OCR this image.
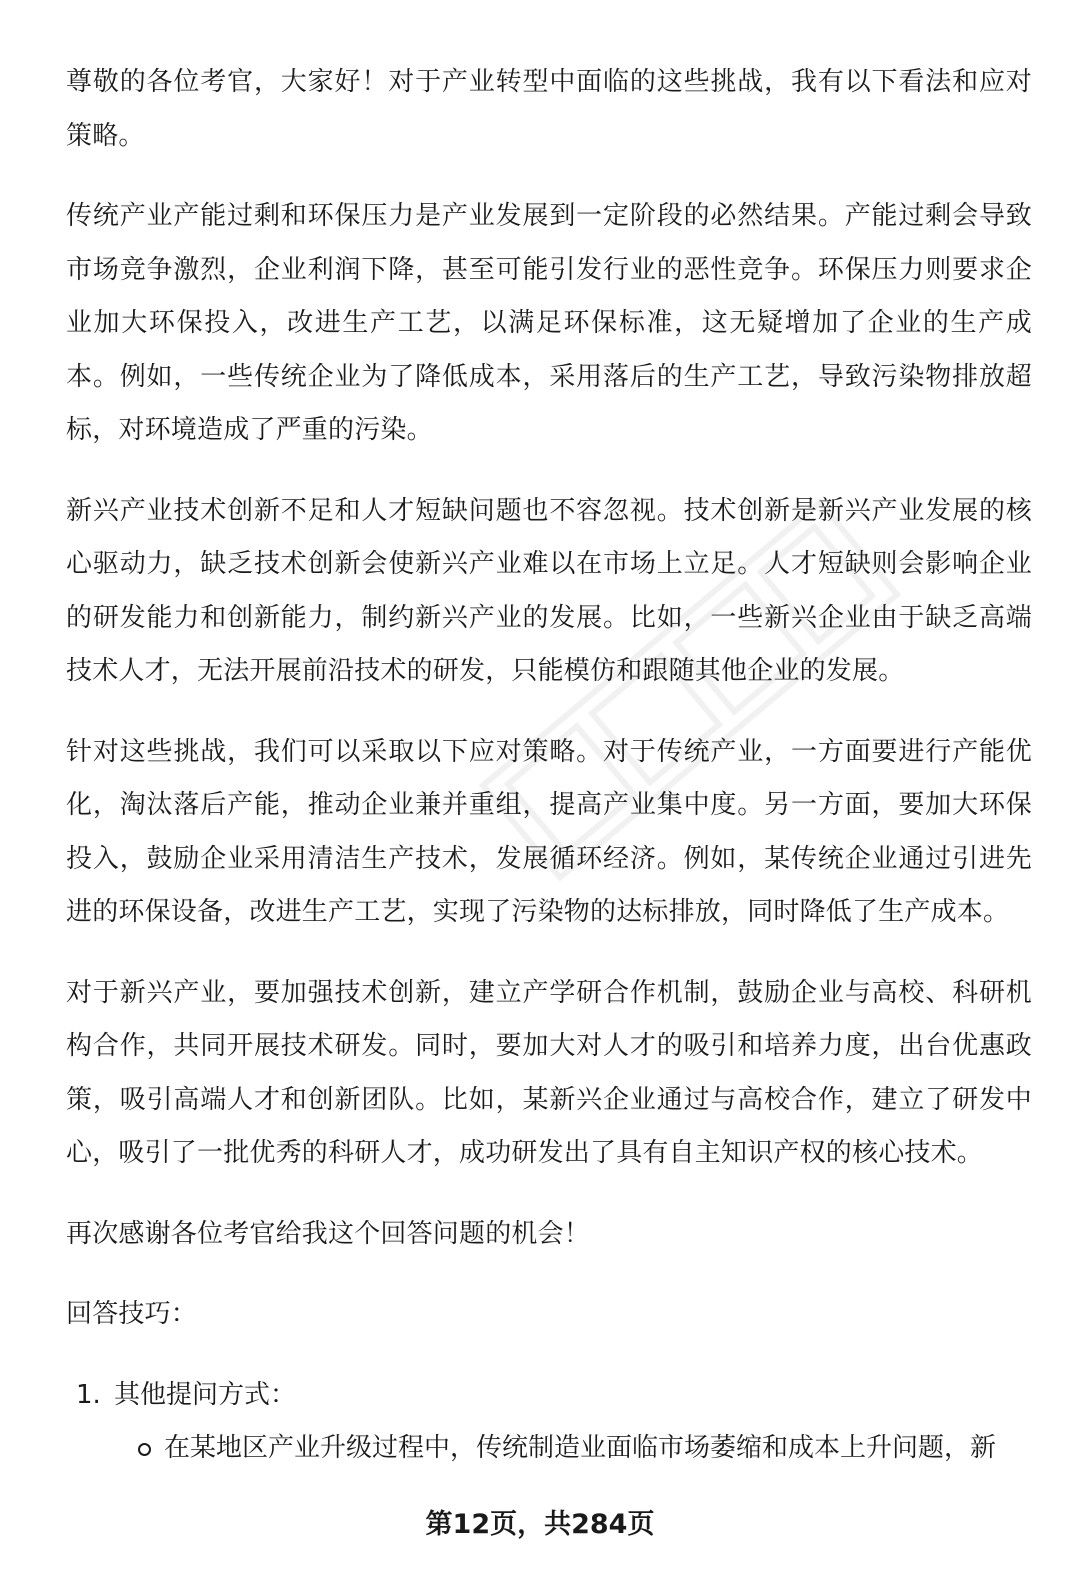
尊敬的各位考官，大家好！对于产业转型中面临的这些挑战，我有以下看法和应对策略。

传统产业产能过剩和环保压力是产业发展到一定阶段的必然结果。产能过剩会导致市场竞争激烈，企业利润下降，甚至可能引发行业的恶性竞争。环保压力则要求企业加大环保投入，改进生产工艺，以满足环保标准，这无疑增加了企业的生产成本。例如，一些传统企业为了降低成本，采用落后的生产工艺，导致污染物排放超标，对环境造成了严重的污染。

新兴产业技术创新不足和人才短缺问题也不容忽视。技术创新是新兴产业发展的核心驱动力，缺乏技术创新会使新兴产业难以在市场上立足。人才短缺则会影响企业的研发能力和创新能力，制约新兴产业的发展。比如，一些新兴企业由于缺乏高端技术人才，无法开展前沿技术的研发，只能模仿和跟随其他企业的发展。

针对这些挑战，我们可以采取以下应对策略。对于传统产业，一方面要进行产能优化，淘汰落后产能，推动企业兼并重组，提高产业集中度。另一方面，要加大环保投入，鼓励企业采用清洁生产技术，发展循环经济。例如，某传统企业通过引进先进的环保设备，改进生产工艺，实现了污染物的达标排放，同时降低了生产成本。

对于新兴产业，要加强技术创新，建立产学研合作机制，鼓励企业与高校、科研机构合作，共同开展技术研发。同时，要加大对人才的吸引和培养力度，出台优惠政策，吸引高端人才和创新团队。比如，某新兴企业通过与高校合作，建立了研发中心，吸引了一批优秀的科研人才，成功研发出了具有自主知识产权的核心技术。

再次感谢各位考官给我这个回答问题的机会！

回答技巧：

1. 其他提问方式：
在某地区产业升级过程中，传统制造业面临市场萎缩和成本上升问题，新
第12页，共284页
